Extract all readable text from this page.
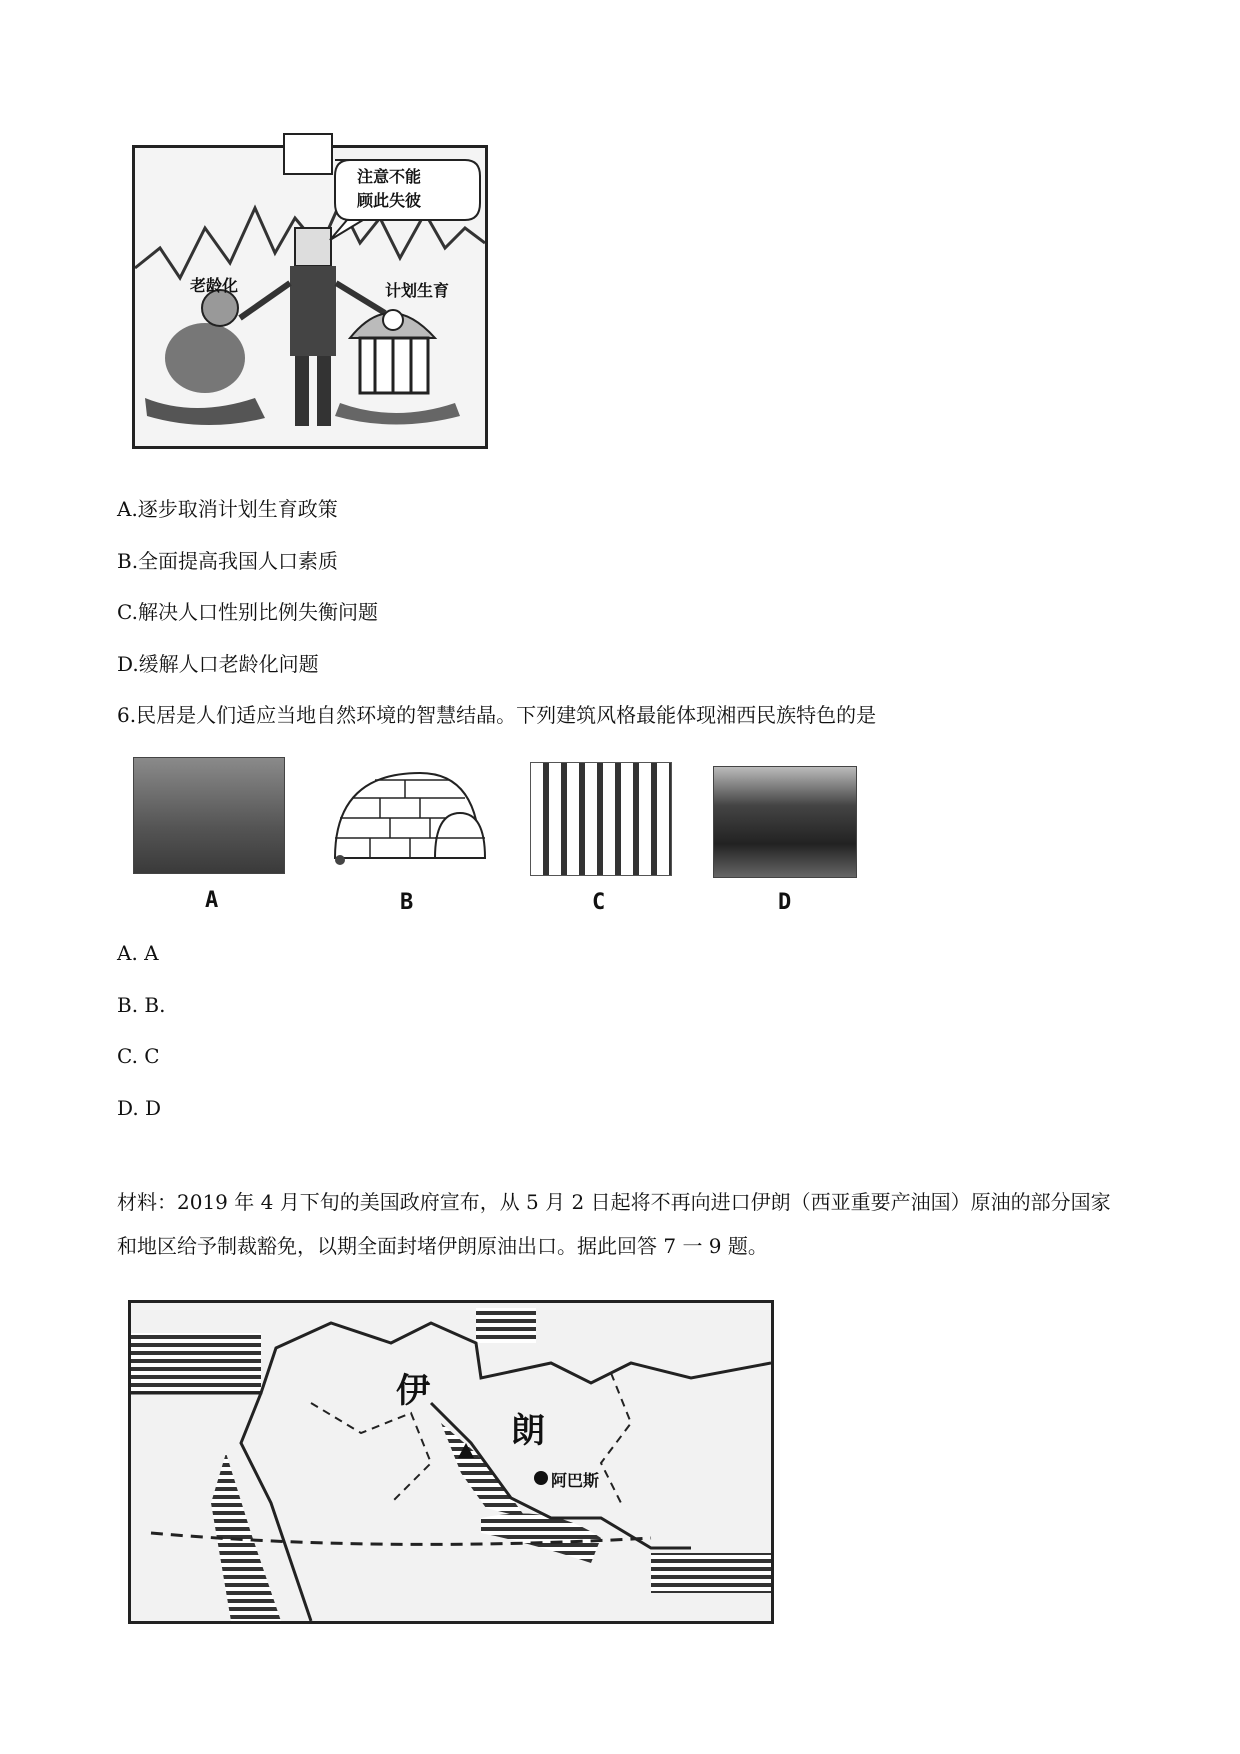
注意不能
顾此失彼
老龄化	计划生育
A.逐步取消计划生育政策
B.全面提高我国人口素质
C.解决人口性别比例失衡问题
D.缓解人口老龄化问题
6.民居是人们适应当地自然环境的智慧结晶。下列建筑风格最能体现湘西民族特色的是
A	B	C	D
A. A
B. B.
C. C
D. D
材料：2019 年 4 月下旬的美国政府宣布，从 5 月 2 日起将不再向进口伊朗（西亚重要产油国）原油的部分国家和地区给予制裁豁免，以期全面封堵伊朗原油出口。据此回答 7 一 9 题。
伊
朗
阿巴斯
